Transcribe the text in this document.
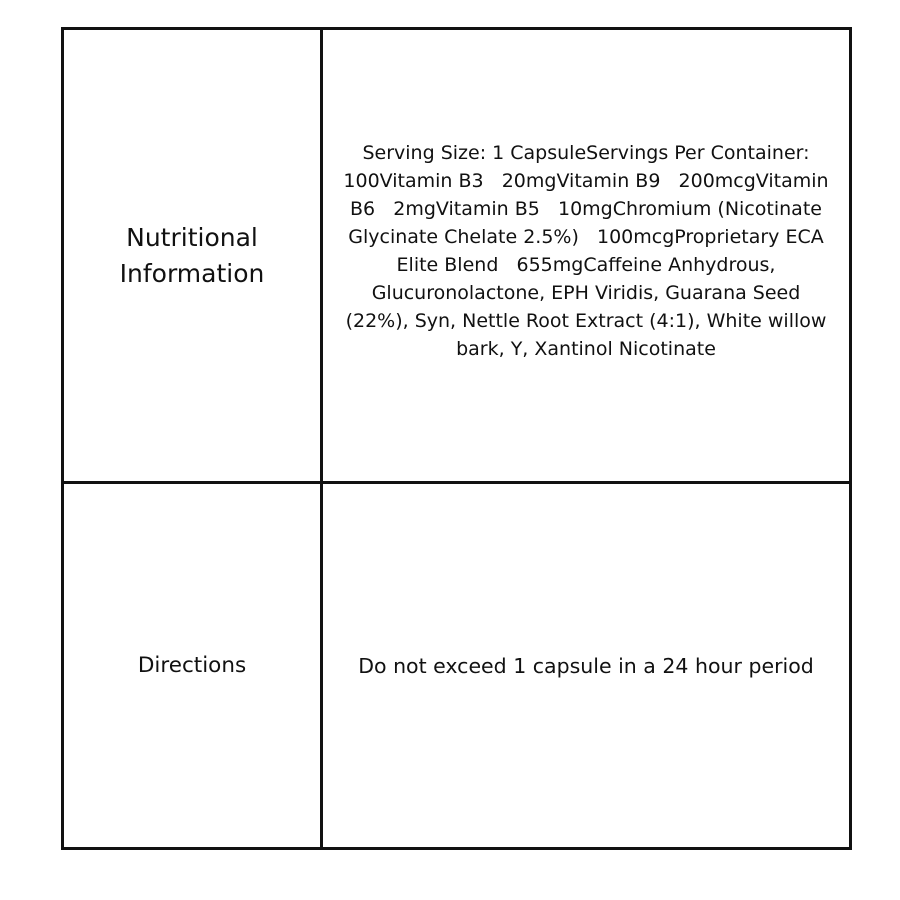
Nutritional Information
Serving Size: 1 CapsuleServings Per Container: 100Vitamin B3   20mgVitamin B9   200mcgVitamin B6   2mgVitamin B5   10mgChromium (Nicotinate Glycinate Chelate 2.5%)   100mcgProprietary ECA Elite Blend   655mgCaffeine Anhydrous, Glucuronolactone, EPH Viridis, Guarana Seed (22%), Syn, Nettle Root Extract (4:1), White willow bark, Y, Xantinol Nicotinate
Directions	Do not exceed 1 capsule in a 24 hour period
